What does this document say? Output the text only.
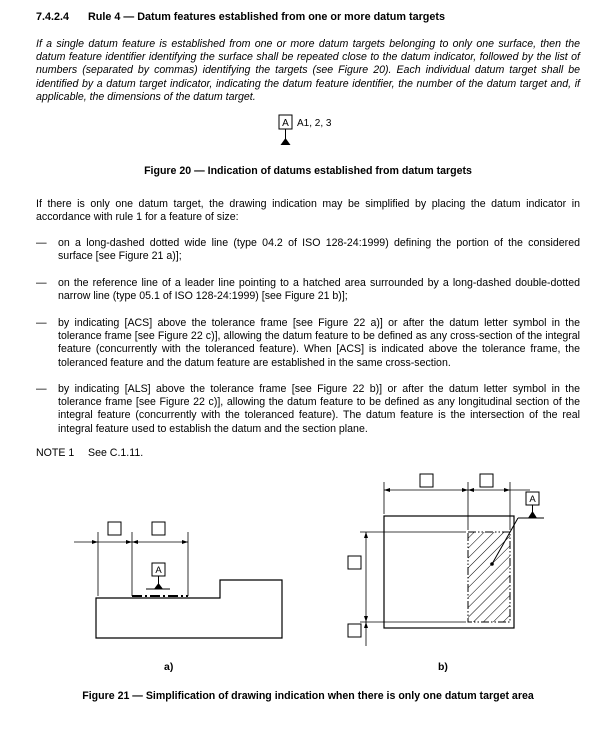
7.4.2.4 Rule 4 — Datum features established from one or more datum targets
If a single datum feature is established from one or more datum targets belonging to only one surface, then the datum feature identifier identifying the surface shall be repeated close to the datum indicator, followed by the list of numbers (separated by commas) identifying the targets (see Figure 20). Each individual datum target shall be identified by a datum target indicator, indicating the datum feature identifier, the number of the datum target and, if applicable, the dimensions of the datum target.
A A1, 2, 3
Figure 20 — Indication of datums established from datum targets
If there is only one datum target, the drawing indication may be simplified by placing the datum indicator in accordance with rule 1 for a feature of size:
—	on a long-dashed dotted wide line (type 04.2 of ISO 128-24:1999) defining the portion of the considered surface [see Figure 21 a)];
—	on the reference line of a leader line pointing to a hatched area surrounded by a long-dashed double-dotted narrow line (type 05.1 of ISO 128-24:1999) [see Figure 21 b)];
—	by indicating [ACS] above the tolerance frame [see Figure 22 a)] or after the datum letter symbol in the tolerance frame [see Figure 22 c)], allowing the datum feature to be defined as any cross-section of the integral feature (concurrently with the toleranced feature). When [ACS] is indicated above the tolerance frame, the toleranced feature and the datum feature are established in the same cross-section.
—	by indicating [ALS] above the tolerance frame [see Figure 22 b)] or after the datum letter symbol in the tolerance frame [see Figure 22 c)], allowing the datum feature to be defined as any longitudinal section of the integral feature (concurrently with the toleranced feature). The datum feature is the intersection of the real integral feature used to establish the datum and the section plane.
NOTE 1 See C.1.11.
A
A
a)	b)
Figure 21 — Simplification of drawing indication when there is only one datum target area
